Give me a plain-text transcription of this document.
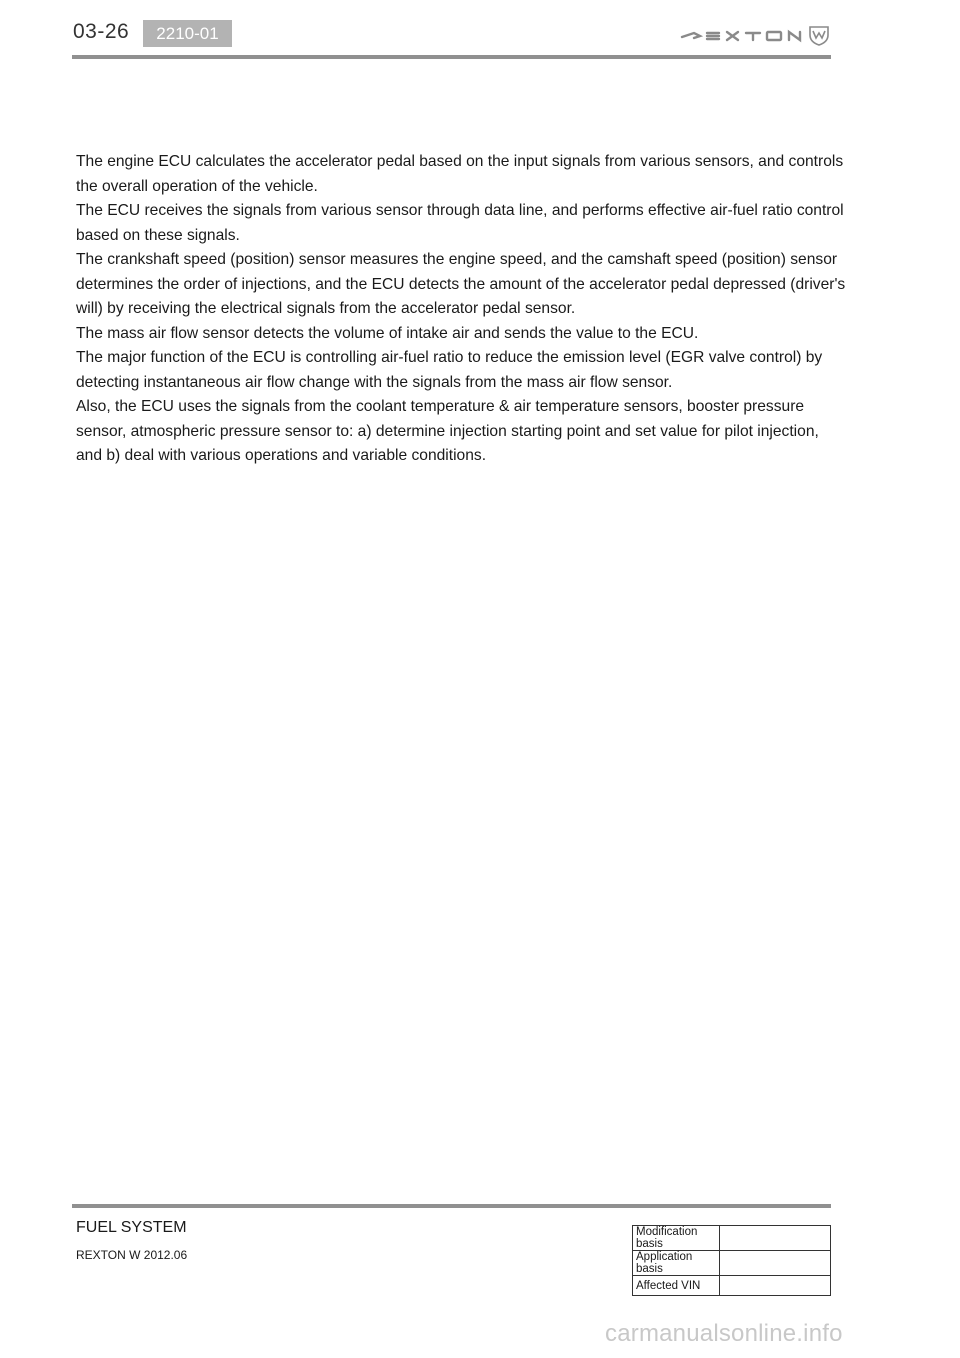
03-26	2210-01

The engine ECU calculates the accelerator pedal based on the input signals from various sensors, and controls the overall operation of the vehicle.

The ECU receives the signals from various sensor through data line, and performs effective air-fuel ratio control based on these signals.

The crankshaft speed (position) sensor measures the engine speed, and the camshaft speed (position) sensor determines the order of injections, and the ECU detects the amount of the accelerator pedal depressed (driver's will) by receiving the electrical signals from the accelerator pedal sensor.

The mass air flow sensor detects the volume of intake air and sends the value to the ECU.

The major function of the ECU is controlling air-fuel ratio to reduce the emission level (EGR valve control) by detecting instantaneous air flow change with the signals from the mass air flow sensor.

Also, the ECU uses the signals from the coolant temperature & air temperature sensors, booster pressure sensor, atmospheric pressure sensor to: a) determine injection starting point and set value for pilot injection, and b) deal with various operations and variable conditions.

FUEL SYSTEM
REXTON W 2012.06
Modification basis	
Application basis	
Affected VIN	
carmanualsonline.info
